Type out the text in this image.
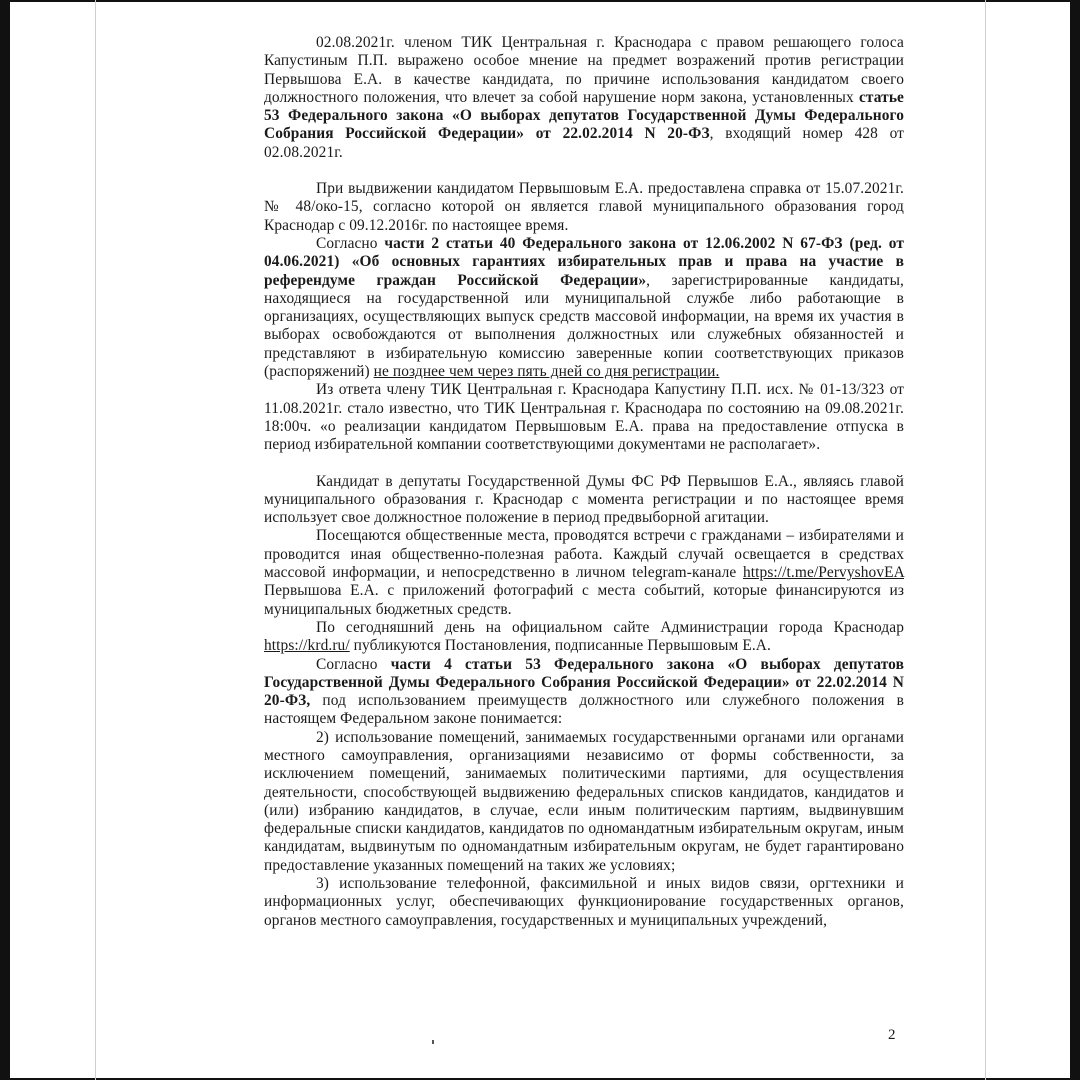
02.08.2021г. членом ТИК Центральная г. Краснодара с правом решающего голоса Капустиным П.П. выражено особое мнение на предмет возражений против регистрации Первышова Е.А. в качестве кандидата, по причине использования кандидатом своего должностного положения, что влечет за собой нарушение норм закона, установленных статье 53 Федерального закона «О выборах депутатов Государственной Думы Федерального Собрания Российской Федерации» от 22.02.2014 N 20-ФЗ, входящий номер 428 от 02.08.2021г.

При выдвижении кандидатом Первышовым Е.А. предоставлена справка от 15.07.2021г. № 48/око-15, согласно которой он является главой муниципального образования город Краснодар с 09.12.2016г. по настоящее время.

Согласно части 2 статьи 40 Федерального закона от 12.06.2002 N 67-ФЗ (ред. от 04.06.2021) «Об основных гарантиях избирательных прав и права на участие в референдуме граждан Российской Федерации», зарегистрированные кандидаты, находящиеся на государственной или муниципальной службе либо работающие в организациях, осуществляющих выпуск средств массовой информации, на время их участия в выборах освобождаются от выполнения должностных или служебных обязанностей и представляют в избирательную комиссию заверенные копии соответствующих приказов (распоряжений) не позднее чем через пять дней со дня регистрации.

Из ответа члену ТИК Центральная г. Краснодара Капустину П.П. исх. № 01-13/323 от 11.08.2021г. стало известно, что ТИК Центральная г. Краснодара по состоянию на 09.08.2021г. 18:00ч. «о реализации кандидатом Первышовым Е.А. права на предоставление отпуска в период избирательной компании соответствующими документами не располагает».

Кандидат в депутаты Государственной Думы ФС РФ Первышов Е.А., являясь главой муниципального образования г. Краснодар с момента регистрации и по настоящее время использует свое должностное положение в период предвыборной агитации.

Посещаются общественные места, проводятся встречи с гражданами – избирателями и проводится иная общественно-полезная работа. Каждый случай освещается в средствах массовой информации, и непосредственно в личном telegram-канале https://t.me/PervyshovEA Первышова Е.А. с приложений фотографий с места событий, которые финансируются из муниципальных бюджетных средств.

По сегодняшний день на официальном сайте Администрации города Краснодар https://krd.ru/ публикуются Постановления, подписанные Первышовым Е.А.

Согласно части 4 статьи 53 Федерального закона «О выборах депутатов Государственной Думы Федерального Собрания Российской Федерации» от 22.02.2014 N 20-ФЗ, под использованием преимуществ должностного или служебного положения в настоящем Федеральном законе понимается:

2) использование помещений, занимаемых государственными органами или органами местного самоуправления, организациями независимо от формы собственности, за исключением помещений, занимаемых политическими партиями, для осуществления деятельности, способствующей выдвижению федеральных списков кандидатов, кандидатов и (или) избранию кандидатов, в случае, если иным политическим партиям, выдвинувшим федеральные списки кандидатов, кандидатов по одномандатным избирательным округам, иным кандидатам, выдвинутым по одномандатным избирательным округам, не будет гарантировано предоставление указанных помещений на таких же условиях;

3) использование телефонной, факсимильной и иных видов связи, оргтехники и информационных услуг, обеспечивающих функционирование государственных органов, органов местного самоуправления, государственных и муниципальных учреждений,

2
